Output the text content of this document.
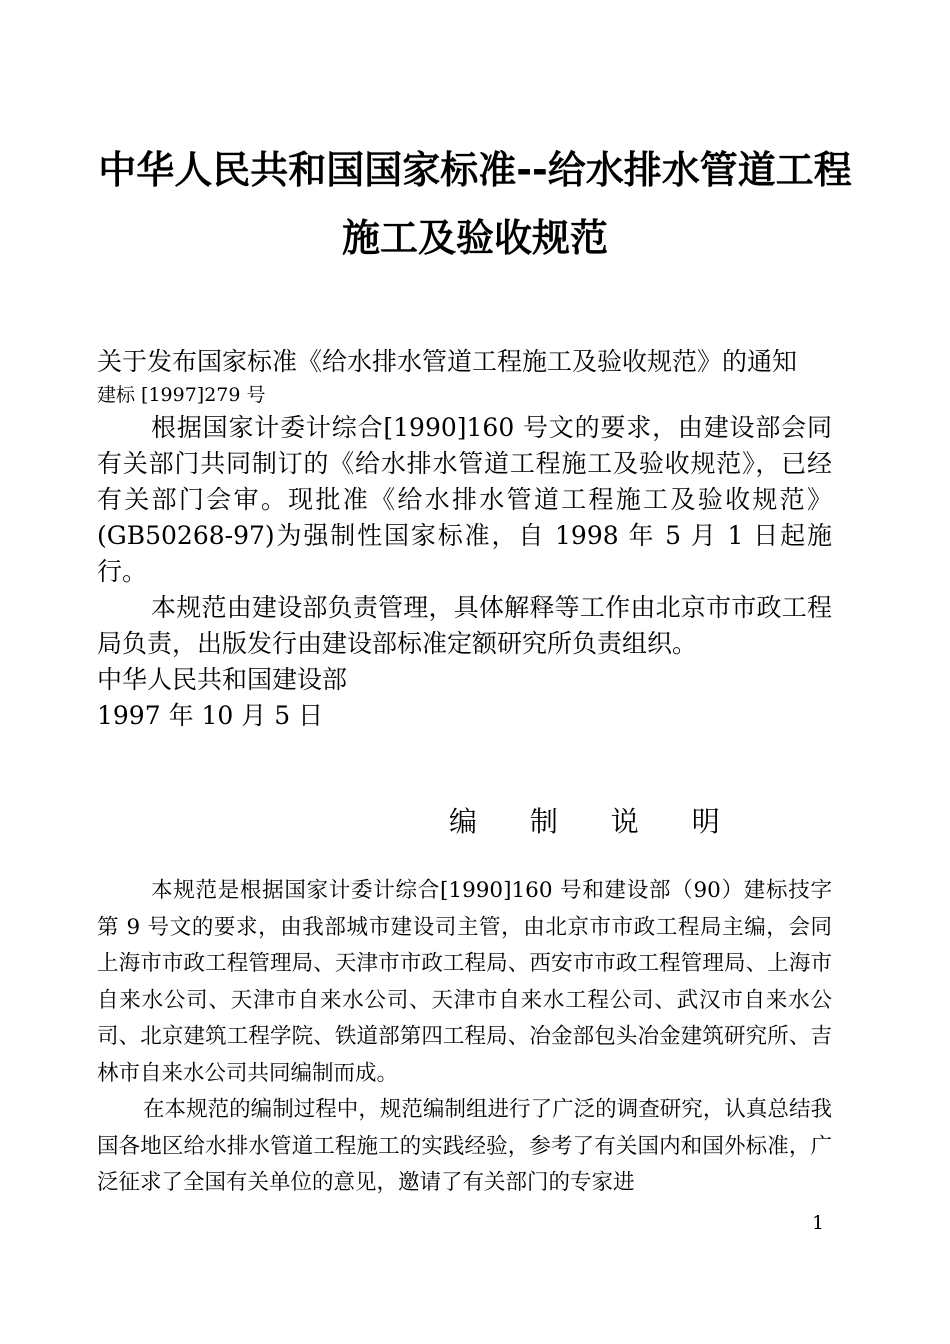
中华人民共和国国家标准--给水排水管道工程
施工及验收规范

关于发布国家标准《给水排水管道工程施工及验收规范》的通知

建标 [1997]279 号

根据国家计委计综合[1990]160 号文的要求，由建设部会同有关部门共同制订的《给水排水管道工程施工及验收规范》，已经有关部门会审。现批准《给水排水管道工程施工及验收规范》(GB50268-97)为强制性国家标准，自 1998 年 5 月 1 日起施行。

本规范由建设部负责管理，具体解释等工作由北京市市政工程局负责，出版发行由建设部标准定额研究所负责组织。

中华人民共和国建设部

1997 年 10 月 5 日

编 制 说 明

本规范是根据国家计委计综合[1990]160 号和建设部（90）建标技字第 9 号文的要求，由我部城市建设司主管，由北京市市政工程局主编，会同上海市市政工程管理局、天津市市政工程局、西安市市政工程管理局、上海市自来水公司、天津市自来水公司、天津市自来水工程公司、武汉市自来水公司、北京建筑工程学院、铁道部第四工程局、冶金部包头冶金建筑研究所、吉林市自来水公司共同编制而成。

在本规范的编制过程中，规范编制组进行了广泛的调查研究，认真总结我国各地区给水排水管道工程施工的实践经验，参考了有关国内和国外标准，广泛征求了全国有关单位的意见，邀请了有关部门的专家进

1
